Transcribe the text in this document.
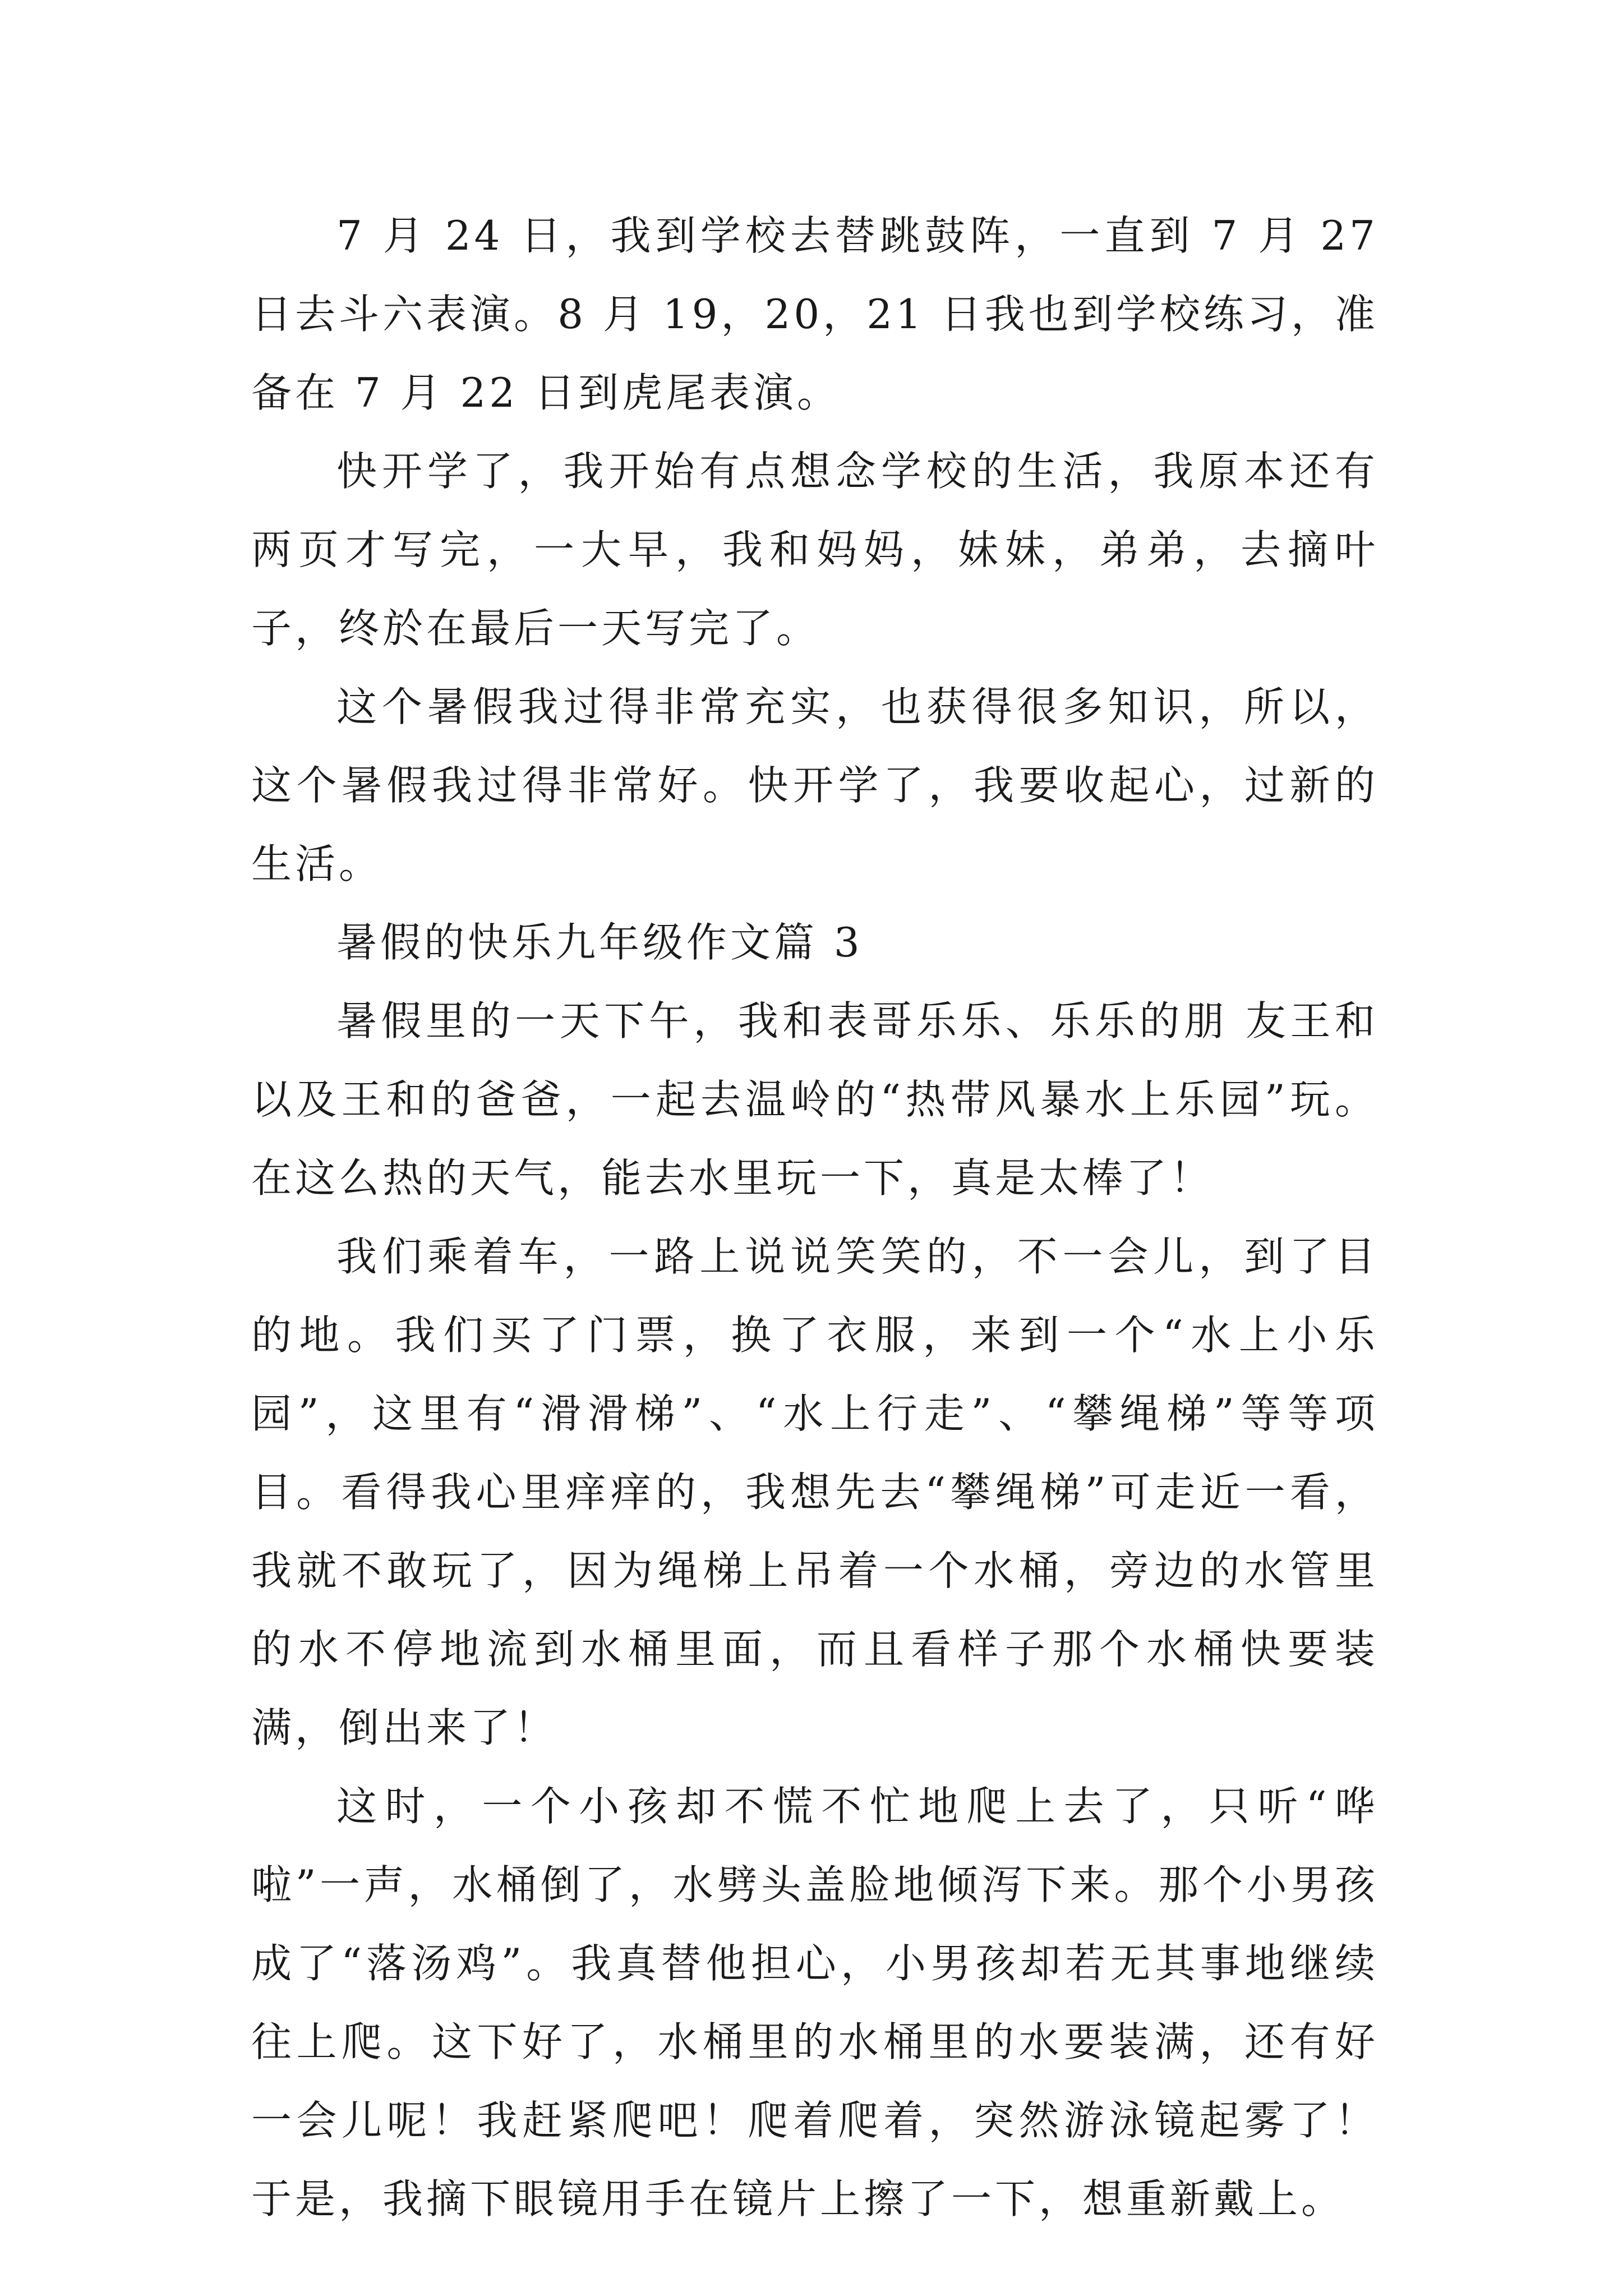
7 月 24 日，我到学校去替跳鼓阵，一直到 7 月 27 日去斗六表演。8 月 19，20，21 日我也到学校练习，准备在 7 月 22 日到虎尾表演。

快开学了，我开始有点想念学校的生活，我原本还有两页才写完，一大早，我和妈妈，妹妹，弟弟，去摘叶子，终於在最后一天写完了。

这个暑假我过得非常充实，也获得很多知识，所以，这个暑假我过得非常好。快开学了，我要收起心，过新的生活。

暑假的快乐九年级作文篇 3

暑假里的一天下午，我和表哥乐乐、乐乐的朋 友王和以及王和的爸爸，一起去温岭的“热带风暴水上乐园”玩。在这么热的天气，能去水里玩一下，真是太棒了！

我们乘着车，一路上说说笑笑的，不一会儿，到了目的地。我们买了门票，换了衣服，来到一个“水上小乐园”，这里有“滑滑梯”、“水上行走”、“攀绳梯”等等项目。看得我心里痒痒的，我想先去“攀绳梯”可走近一看，我就不敢玩了，因为绳梯上吊着一个水桶，旁边的水管里的水不停地流到水桶里面，而且看样子那个水桶快要装满，倒出来了！

这时，一个小孩却不慌不忙地爬上去了，只听“哗啦”一声，水桶倒了，水劈头盖脸地倾泻下来。那个小男孩成了“落汤鸡”。我真替他担心，小男孩却若无其事地继续往上爬。这下好了，水桶里的水桶里的水要装满，还有好一会儿呢！我赶紧爬吧！爬着爬着，突然游泳镜起雾了！于是，我摘下眼镜用手在镜片上擦了一下，想重新戴上。
